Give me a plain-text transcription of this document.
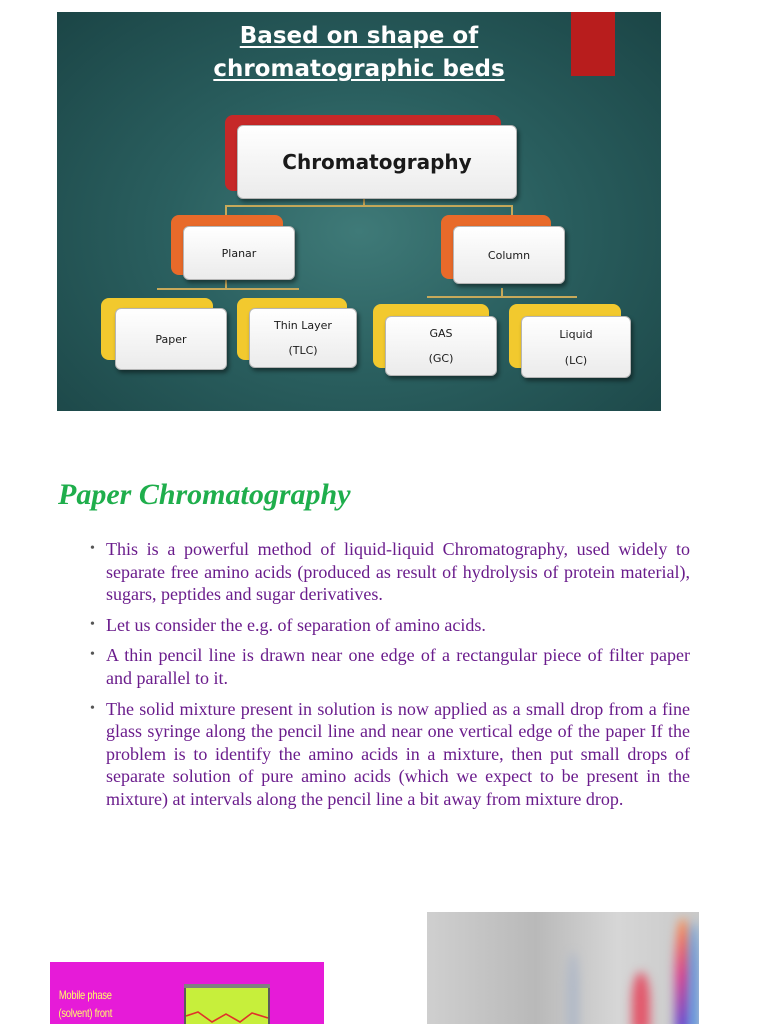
Based on shape of
chromatographic beds
Chromatography
Planar	Column
Paper
Thin Layer
(TLC)
GAS
(GC)
Liquid
(LC)
Paper Chromatography
• This is a powerful method of liquid-liquid Chromatography, used widely to separate free amino acids (produced as result of hydrolysis of protein material), sugars, peptides and sugar derivatives.
• Let us consider the e.g. of separation of amino acids.
• A thin pencil line is drawn near one edge of a rectangular piece of filter paper and parallel to it.
• The solid mixture present in solution is now applied as a small drop from a fine glass syringe along the pencil line and near one vertical edge of the paper If the problem is to identify the amino acids in a mixture, then put small drops of separate solution of pure amino acids (which we expect to be present in the mixture) at intervals along the pencil line a bit away from mixture drop.
Mobile phase
(solvent) front
